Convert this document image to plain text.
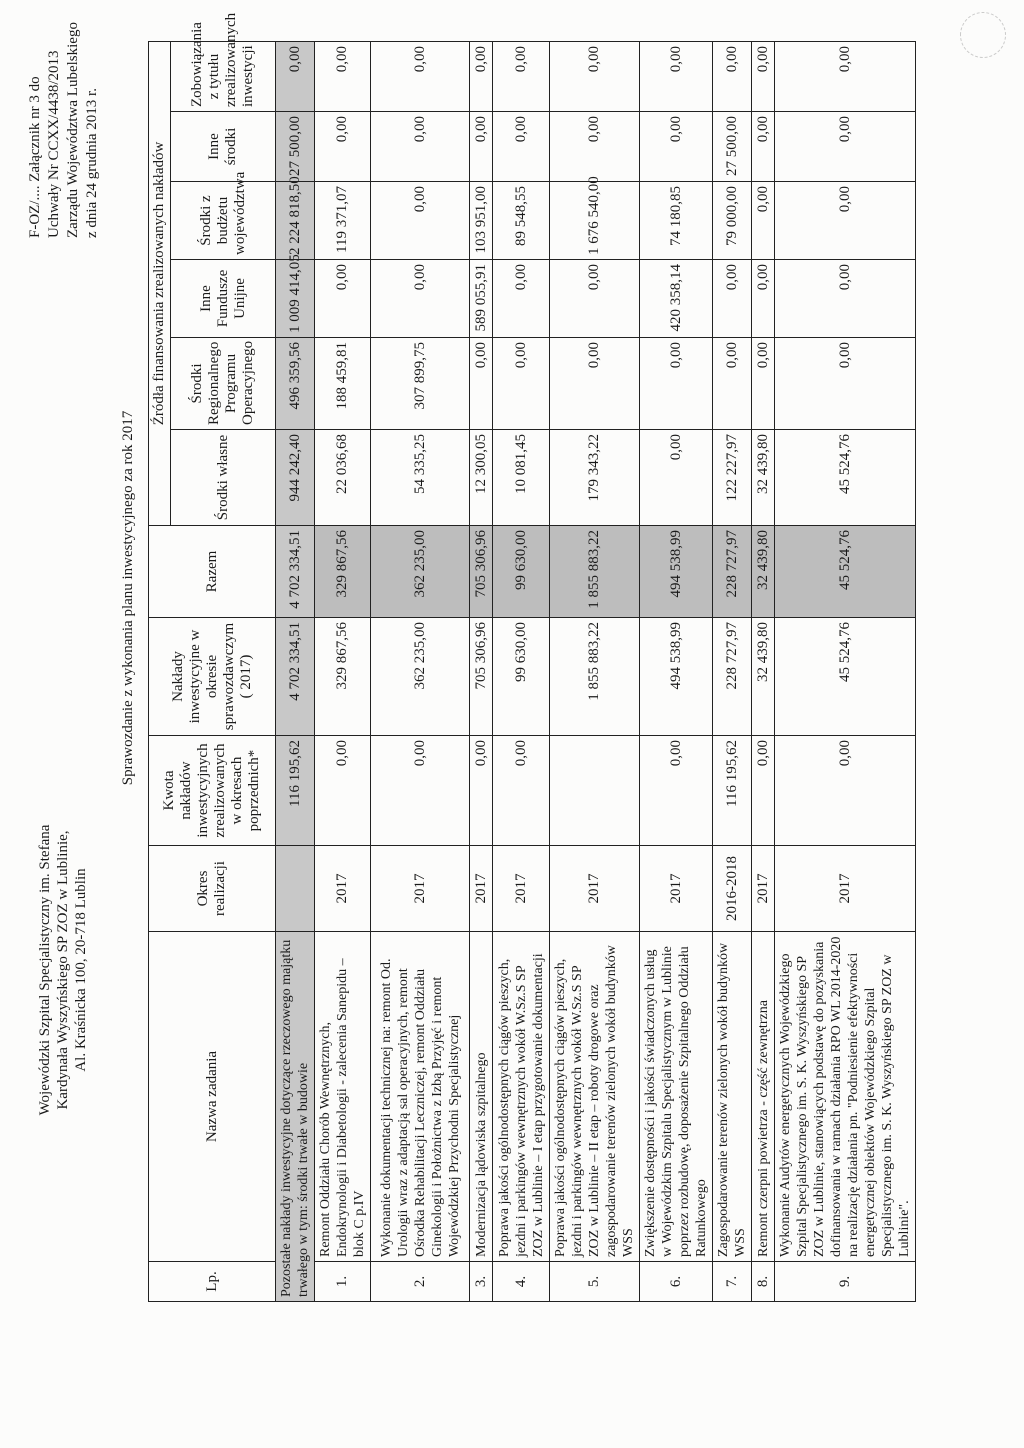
Wojewódzki Szpital Specjalistyczny im. Stefana Kardynała Wyszyńskiego SP ZOZ w Lublinie, Al. Kraśnicka 100, 20-718 Lublin
F-OZ/.... Załącznik nr 3 do Uchwały Nr CCXX/4438/2013 Zarządu Województwa Lubelskiego z dnia 24 grudnia 2013 r.
Sprawozdanie z wykonania planu inwestycyjnego za rok 2017
Lp.	Nazwa zadania	Okres realizacji	Kwota nakładów inwestycyjnych zrealizowanych w okresach poprzednich*	Nakłady inwestycyjne w okresie sprawozdawczym ( 2017)	Razem	Źródła finansowania zrealizowanych nakładów					
						Środki własne	Środki Regionalnego Programu Operacyjnego	Inne Fundusze Unijne	Środki z budżetu województwa	Inne środki	Zobowiązania z tytułu zrealizowanych inwestycji
Pozostałe nakłady inwestycyjne dotyczące rzeczowego majątku trwałego w tym: środki trwałe w budowie			116 195,62	4 702 334,51	4 702 334,51	944 242,40	496 359,56	1 009 414,05	2 224 818,50	27 500,00	0,00
1.	Remont Oddziału Chorób Wewnętrznych, Endokrynologii i Diabetologii - zalecenia Sanepidu – blok C p.IV	2017	0,00	329 867,56	329 867,56	22 036,68	188 459,81	0,00	119 371,07	0,00	0,00
2.	Wykonanie dokumentacji technicznej na: remont Od. Urologii wraz z adaptacją sal operacyjnych, remont Ośrodka Rehabilitacji Leczniczej, remont Oddziału Ginekologii i Położnictwa z Izbą Przyjęć i remont Wojewódzkiej Przychodni Specjalistycznej	2017	0,00	362 235,00	362 235,00	54 335,25	307 899,75	0,00	0,00	0,00	0,00
3.	Modernizacja lądowiska szpitalnego	2017	0,00	705 306,96	705 306,96	12 300,05	0,00	589 055,91	103 951,00	0,00	0,00
4.	Poprawa jakości ogólnodostępnych ciągów pieszych, jezdni i parkingów wewnętrznych wokół W.Sz.S SP ZOZ w Lublinie – I etap przygotowanie dokumentacji	2017	0,00	99 630,00	99 630,00	10 081,45	0,00	0,00	89 548,55	0,00	0,00
5.	Poprawa jakości ogólnodostępnych ciągów pieszych, jezdni i parkingów wewnętrznych wokół W.Sz.S SP ZOZ w Lublinie – II etap – roboty drogowe oraz zagospodarowanie terenów zielonych wokół budynków WSS	2017		1 855 883,22	1 855 883,22	179 343,22	0,00	0,00	1 676 540,00	0,00	0,00
6.	Zwiększenie dostępności i jakości świadczonych usług w Wojewódzkim Szpitalu Specjalistycznym w Lublinie poprzez rozbudowę, doposażenie Szpitalnego Oddziału Ratunkowego	2017	0,00	494 538,99	494 538,99	0,00	0,00	420 358,14	74 180,85	0,00	0,00
7.	Zagospodarowanie terenów zielonych wokół budynków WSS	2016-2018	116 195,62	228 727,97	228 727,97	122 227,97	0,00	0,00	79 000,00	27 500,00	0,00
8.	Remont czerpni powietrza - część zewnętrzna	2017	0,00	32 439,80	32 439,80	32 439,80	0,00	0,00	0,00	0,00	0,00
9.	Wykonanie Audytów energetycznych Wojewódzkiego Szpital Specjalistycznego im. S. K. Wyszyńskiego SP ZOZ w Lublinie, stanowiących podstawę do pozyskania dofinansowania w ramach działania RPO WL 2014-2020 na realizację działania pn. "Podniesienie efektywności energetycznej obiektów Wojewódzkiego Szpital Specjalistycznego im. S. K. Wyszyńskiego SP ZOZ w Lublinie".	2017	0,00	45 524,76	45 524,76	45 524,76	0,00	0,00	0,00	0,00	0,00
